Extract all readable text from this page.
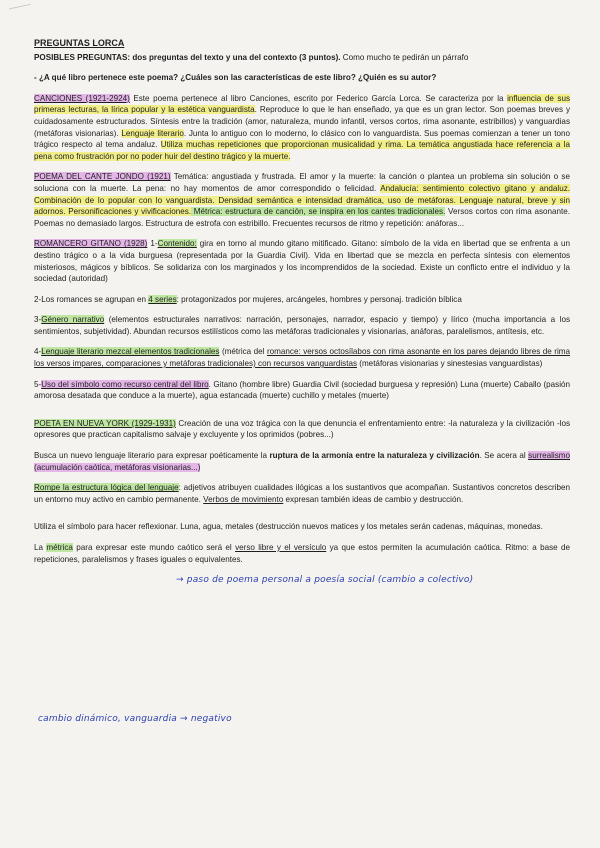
PREGUNTAS LORCA
POSIBLES PREGUNTAS: dos preguntas del texto y una del contexto (3 puntos). Como mucho te pedirán un párrafo
- ¿A qué libro pertenece este poema? ¿Cuáles son las características de este libro? ¿Quién es su autor?
CANCIONES (1921-2924) Este poema pertenece al libro Canciones, escrito por Federico García Lorca. Se caracteriza por la influencia de sus primeras lecturas, la lírica popular y la estética vanguardista. Reproduce lo que le han enseñado, ya que es un gran lector. Son poemas breves y cuidadosamente estructurados. Síntesis entre la tradición (amor, naturaleza, mundo infantil, versos cortos, rima asonante, estribillos) y vanguardias (metáforas visionarias). Lenguaje literario. Junta lo antiguo con lo moderno, lo clásico con lo vanguardista. Sus poemas comienzan a tener un tono trágico respecto al tema andaluz. Utiliza muchas repeticiones que proporcionan musicalidad y rima. La temática angustiada hace referencia a la pena como frustración por no poder huir del destino trágico y la muerte.
POEMA DEL CANTE JONDO (1921) Temática: angustiada y frustrada. El amor y la muerte: la canción o plantea un problema sin solución o se soluciona con la muerte. La pena: no hay momentos de amor correspondido o felicidad. Andalucía: sentimiento colectivo gitano y andaluz. Combinación de lo popular con lo vanguardista. Densidad semántica e intensidad dramática, uso de metáforas. Lenguaje natural, breve y sin adornos. Personificaciones y vivificaciones. Métrica: estructura de canción, se inspira en los cantes tradicionales. Versos cortos con rima asonante. Poemas no demasiado largos. Estructura de estrofa con estribillo. Frecuentes recursos de ritmo y repetición: anáforas...
ROMANCERO GITANO (1928) 1-Contenido: gira en torno al mundo gitano mitificado. Gitano: símbolo de la vida en libertad que se enfrenta a un destino trágico o a la vida burguesa (representada por la Guardia Civil). Vida en libertad que se mezcla en perfecta síntesis con elementos misteriosos, mágicos y bíblicos. Se solidariza con los marginados y los incomprendidos de la sociedad. Existe un conflicto entre el individuo y la sociedad (autoridad)
2-Los romances se agrupan en 4 series: protagonizados por mujeres, arcángeles, hombres y personaj. tradición bíblica
3-Género narrativo (elementos estructurales narrativos: narración, personajes, narrador, espacio y tiempo) y lírico (mucha importancia a los sentimientos, subjetividad). Abundan recursos estilísticos como las metáforas tradicionales y visionarias, anáforas, paralelismos, antítesis, etc.
4-Lenguaje literario mezcal elementos tradicionales (métrica del romance: versos octosílabos con rima asonante en los pares dejando libres de rima los versos impares, comparaciones y metáforas tradicionales) con recursos vanguardistas (metáforas visionarias y sinestesias vanguardistas)
5-Uso del símbolo como recurso central del libro. Gitano (hombre libre) Guardia Civil (sociedad burguesa y represión) Luna (muerte) Caballo (pasión amorosa desatada que conduce a la muerte), agua estancada (muerte) cuchillo y metales (muerte)
POETA EN NUEVA YORK (1929-1931) Creación de una voz trágica con la que denuncia el enfrentamiento entre: -la naturaleza y la civilización -los opresores que practican capitalismo salvaje y excluyente y los oprimidos (pobres...)
Busca un nuevo lenguaje literario para expresar poéticamente la ruptura de la armonía entre la naturaleza y civilización. Se acera al surrealismo (acumulación caótica, metáforas visionarias...)
Rompe la estructura lógica del lenguaje: adjetivos atribuyen cualidades ilógicas a los sustantivos que acompañan. Sustantivos concretos describen un entorno muy activo en cambio permanente. Verbos de movimiento expresan también ideas de cambio y destrucción.
Utiliza el símbolo para hacer reflexionar. Luna, agua, metales (destrucción nuevos matices y los metales serán cadenas, máquinas, monedas.
La métrica para expresar este mundo caótico será el verso libre y el versículo ya que estos permiten la acumulación caótica. Ritmo: a base de repeticiones, paralelismos y frases iguales o equivalentes.
→ paso de poema personal a poesía social (cambio a colectivo)
cambio dinámico, vanguardia → negativo
